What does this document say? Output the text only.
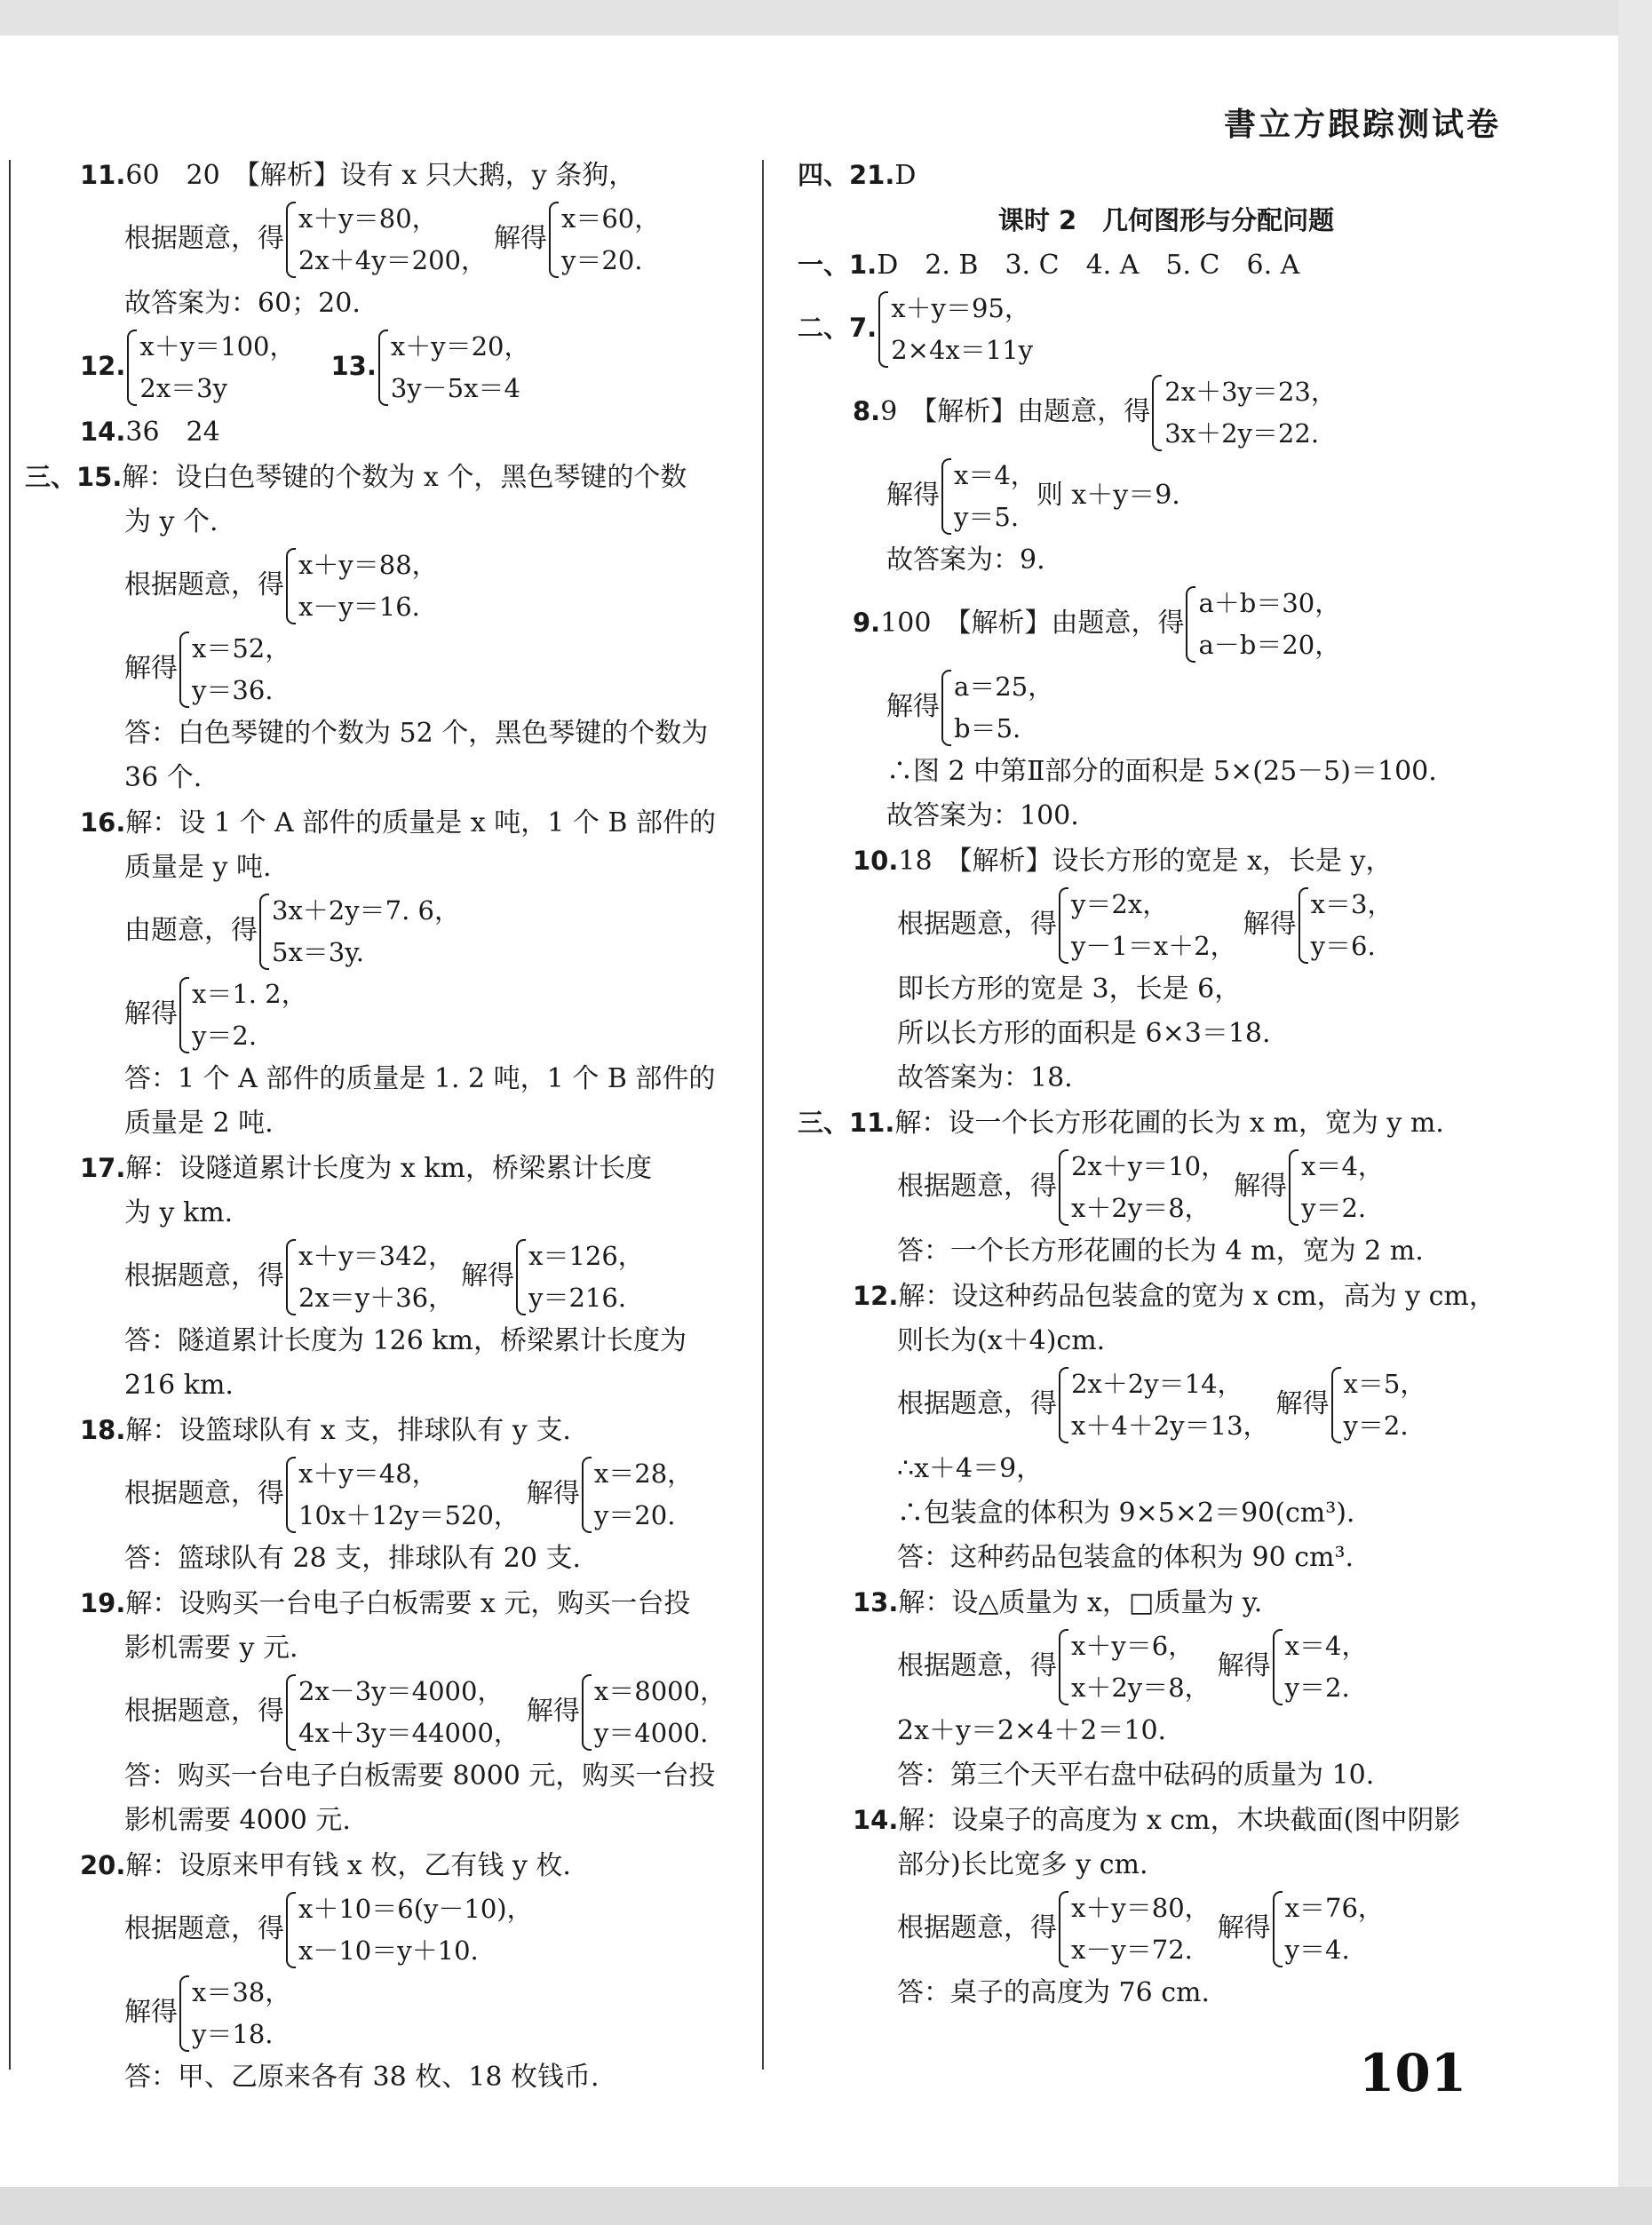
書立方跟踪测试卷
11.60　20　【解析】设有 x 只大鹅，y 条狗，
根据题意，得
x＋y＝80，
2x＋4y＝200，
解得
x＝60，
y＝20.
故答案为：60；20.
12.
x＋y＝100，
2x＝3y
13.
x＋y＝20，
3y－5x＝4
14.36　24
三、15.解：设白色琴键的个数为 x 个，黑色琴键的个数
为 y 个.
根据题意，得
x＋y＝88，
x－y＝16.
解得
x＝52，
y＝36.
答：白色琴键的个数为 52 个，黑色琴键的个数为
36 个.
16.解：设 1 个 A 部件的质量是 x 吨，1 个 B 部件的
质量是 y 吨.
由题意，得
3x＋2y＝7. 6，
5x＝3y.
解得
x＝1. 2，
y＝2.
答：1 个 A 部件的质量是 1. 2 吨，1 个 B 部件的
质量是 2 吨.
17.解：设隧道累计长度为 x km，桥梁累计长度
为 y km.
根据题意，得
x＋y＝342，
2x＝y＋36，
解得
x＝126，
y＝216.
答：隧道累计长度为 126 km，桥梁累计长度为
216 km.
18.解：设篮球队有 x 支，排球队有 y 支.
根据题意，得
x＋y＝48，
10x＋12y＝520，
解得
x＝28，
y＝20.
答：篮球队有 28 支，排球队有 20 支.
19.解：设购买一台电子白板需要 x 元，购买一台投
影机需要 y 元.
根据题意，得
2x－3y＝4000，
4x＋3y＝44000，
解得
x＝8000，
y＝4000.
答：购买一台电子白板需要 8000 元，购买一台投
影机需要 4000 元.
20.解：设原来甲有钱 x 枚，乙有钱 y 枚.
根据题意，得
x＋10＝6(y－10)，
x－10＝y＋10.
解得
x＝38，
y＝18.
答：甲、乙原来各有 38 枚、18 枚钱币.
四、21.D
课时 2　几何图形与分配问题
一、1.D　2. B　3. C　4. A　5. C　6. A
二、7.
x＋y＝95，
2×4x＝11y
8.9　【解析】由题意，得
2x＋3y＝23，
3x＋2y＝22.
解得
x＝4，
y＝5.
则 x＋y＝9.
故答案为：9.
9.100　【解析】由题意，得
a＋b＝30，
a－b＝20，
解得
a＝25，
b＝5.
∴图 2 中第Ⅱ部分的面积是 5×(25－5)＝100.
故答案为：100.
10.18　【解析】设长方形的宽是 x，长是 y，
根据题意，得
y＝2x，
y－1＝x＋2，
解得
x＝3，
y＝6.
即长方形的宽是 3，长是 6，
所以长方形的面积是 6×3＝18.
故答案为：18.
三、11.解：设一个长方形花圃的长为 x m，宽为 y m.
根据题意，得
2x＋y＝10，
x＋2y＝8，
解得
x＝4，
y＝2.
答：一个长方形花圃的长为 4 m，宽为 2 m.
12.解：设这种药品包装盒的宽为 x cm，高为 y cm，
则长为(x＋4)cm.
根据题意，得
2x＋2y＝14，
x＋4＋2y＝13，
解得
x＝5，
y＝2.
∴x＋4＝9，
∴包装盒的体积为 9×5×2＝90(cm³).
答：这种药品包装盒的体积为 90 cm³.
13.解：设△质量为 x，□质量为 y.
根据题意，得
x＋y＝6，
x＋2y＝8，
解得
x＝4，
y＝2.
2x＋y＝2×4＋2＝10.
答：第三个天平右盘中砝码的质量为 10.
14.解：设桌子的高度为 x cm，木块截面(图中阴影
部分)长比宽多 y cm.
根据题意，得
x＋y＝80，
x－y＝72.
解得
x＝76，
y＝4.
答：桌子的高度为 76 cm.
101
